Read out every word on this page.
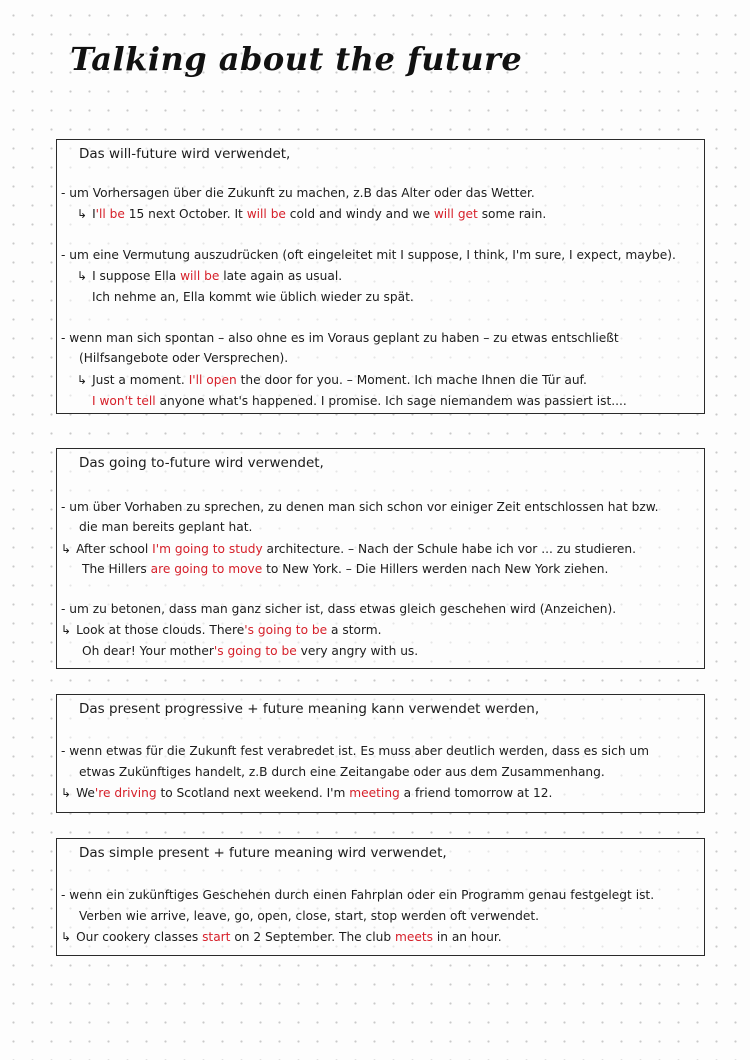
Talking about the future
Das will-future wird verwendet,
- um Vorhersagen über die Zukunft zu machen, z.B das Alter oder das Wetter.
↳ I'll be 15 next October. It will be cold and windy and we will get some rain.
- um eine Vermutung auszudrücken (oft eingeleitet mit I suppose, I think, I'm sure, I expect, maybe).
↳ I suppose Ella will be late again as usual.
Ich nehme an, Ella kommt wie üblich wieder zu spät.
- wenn man sich spontan – also ohne es im Voraus geplant zu haben – zu etwas entschließt
(Hilfsangebote oder Versprechen).
↳ Just a moment. I'll open the door for you. – Moment. Ich mache Ihnen die Tür auf.
I won't tell anyone what's happened. I promise. Ich sage niemandem was passiert ist....
Das going to-future wird verwendet,
- um über Vorhaben zu sprechen, zu denen man sich schon vor einiger Zeit entschlossen hat bzw.
die man bereits geplant hat.
↳ After school I'm going to study architecture. – Nach der Schule habe ich vor ... zu studieren.
The Hillers are going to move to New York. – Die Hillers werden nach New York ziehen.
- um zu betonen, dass man ganz sicher ist, dass etwas gleich geschehen wird (Anzeichen).
↳ Look at those clouds. There's going to be a storm.
Oh dear! Your mother's going to be very angry with us.
Das present progressive + future meaning kann verwendet werden,
- wenn etwas für die Zukunft fest verabredet ist. Es muss aber deutlich werden, dass es sich um
etwas Zukünftiges handelt, z.B durch eine Zeitangabe oder aus dem Zusammenhang.
↳ We're driving to Scotland next weekend. I'm meeting a friend tomorrow at 12.
Das simple present + future meaning wird verwendet,
- wenn ein zukünftiges Geschehen durch einen Fahrplan oder ein Programm genau festgelegt ist.
Verben wie arrive, leave, go, open, close, start, stop werden oft verwendet.
↳ Our cookery classes start on 2 September. The club meets in an hour.
